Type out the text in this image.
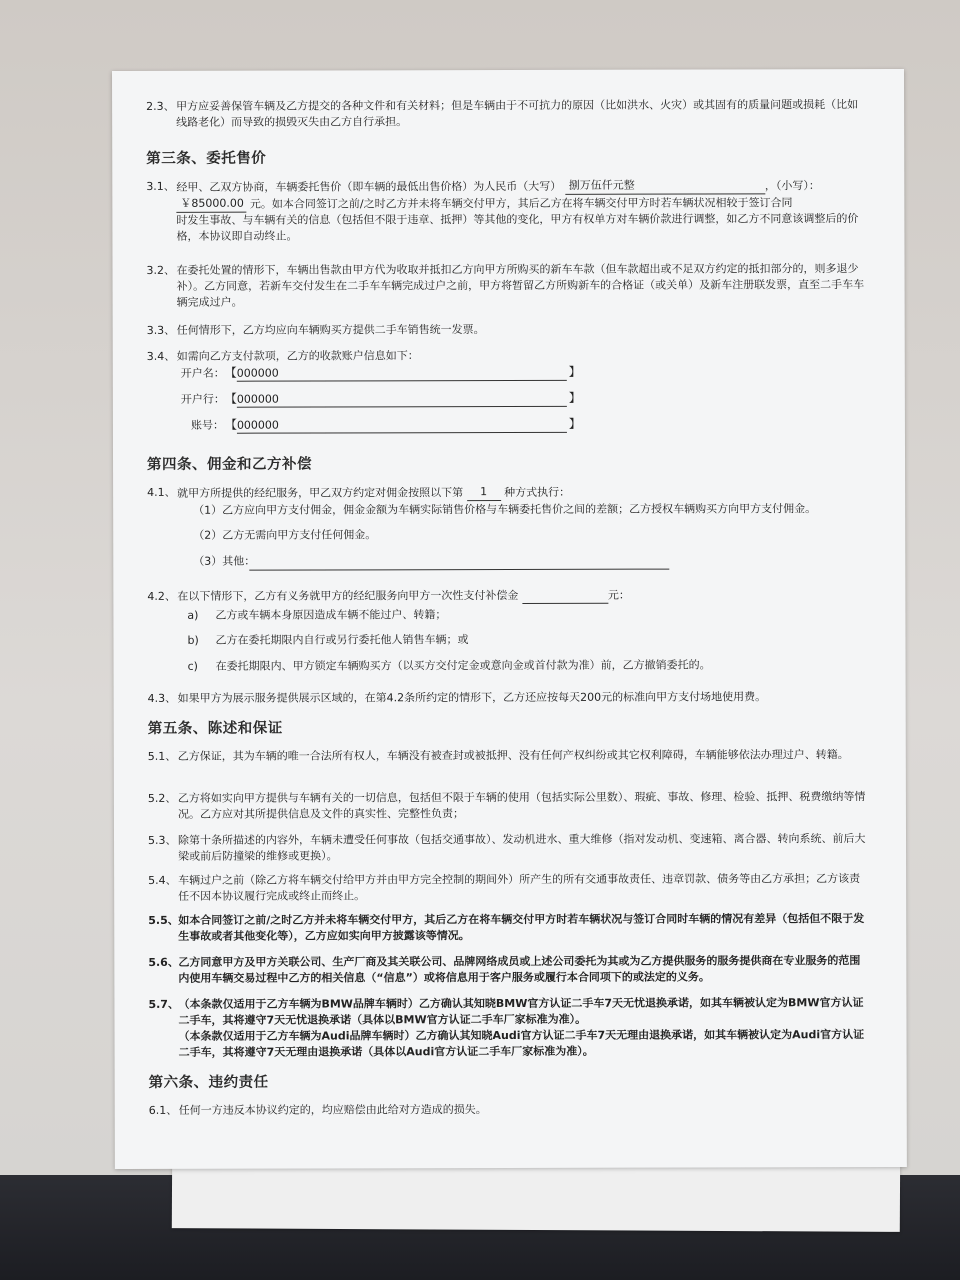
2.3、 甲方应妥善保管车辆及乙方提交的各种文件和有关材料；但是车辆由于不可抗力的原因（比如洪水、火灾）或其固有的质量问题或损耗（比如线路老化）而导致的损毁灭失由乙方自行承担。
第三条、委托售价
3.1、 经甲、乙双方协商，车辆委托售价（即车辆的最低出售价格）为人民币（大写） 捌万伍仟元整	，（小写）：
￥85000.00 元。如本合同签订之前/之时乙方并未将车辆交付甲方，其后乙方在将车辆交付甲方时若车辆状况相较于签订合同
时发生事故、与车辆有关的信息（包括但不限于违章、抵押）等其他的变化，甲方有权单方对车辆价款进行调整，如乙方不同意该调整后的价格，本协议即自动终止。
3.2、 在委托处置的情形下，车辆出售款由甲方代为收取并抵扣乙方向甲方所购买的新车车款（但车款超出或不足双方约定的抵扣部分的，则多退少补）。乙方同意，若新车交付发生在二手车车辆完成过户之前，甲方将暂留乙方所购新车的合格证（或关单）及新车注册联发票，直至二手车车辆完成过户。
3.3、 任何情形下，乙方均应向车辆购买方提供二手车销售统一发票。
3.4、 如需向乙方支付款项，乙方的收款账户信息如下：
开户名： 【 000000	】
开户行： 【 000000	】
账号： 【 000000	】
第四条、佣金和乙方补偿
4.1、 就甲方所提供的经纪服务，甲乙双方约定对佣金按照以下第 1 种方式执行：
（1）乙方应向甲方支付佣金，佣金金额为车辆实际销售价格与车辆委托售价之间的差额；乙方授权车辆购买方向甲方支付佣金。
（2）乙方无需向甲方支付任何佣金。
（3）其他：
4.2、 在以下情形下，乙方有义务就甲方的经纪服务向甲方一次性支付补偿金	元：
a) 乙方或车辆本身原因造成车辆不能过户、转籍；
b) 乙方在委托期限内自行或另行委托他人销售车辆；或
c) 在委托期限内、甲方锁定车辆购买方（以买方交付定金或意向金或首付款为准）前，乙方撤销委托的。
4.3、 如果甲方为展示服务提供展示区域的，在第4.2条所约定的情形下，乙方还应按每天200元的标准向甲方支付场地使用费。
第五条、陈述和保证
5.1、 乙方保证，其为车辆的唯一合法所有权人，车辆没有被查封或被抵押、没有任何产权纠纷或其它权利障碍，车辆能够依法办理过户、转籍。
5.2、 乙方将如实向甲方提供与车辆有关的一切信息，包括但不限于车辆的使用（包括实际公里数）、瑕疵、事故、修理、检验、抵押、税费缴纳等情况。乙方应对其所提供信息及文件的真实性、完整性负责；
5.3、 除第十条所描述的内容外，车辆未遭受任何事故（包括交通事故）、发动机进水、重大维修（指对发动机、变速箱、离合器、转向系统、前后大梁或前后防撞梁的维修或更换）。
5.4、 车辆过户之前（除乙方将车辆交付给甲方并由甲方完全控制的期间外）所产生的所有交通事故责任、违章罚款、债务等由乙方承担；乙方该责任不因本协议履行完成或终止而终止。
5.5、 如本合同签订之前/之时乙方并未将车辆交付甲方，其后乙方在将车辆交付甲方时若车辆状况与签订合同时车辆的情况有差异（包括但不限于发生事故或者其他变化等），乙方应如实向甲方披露该等情况。
5.6、 乙方同意甲方及甲方关联公司、生产厂商及其关联公司、品牌网络成员或上述公司委托为其或为乙方提供服务的服务提供商在专业服务的范围内使用车辆交易过程中乙方的相关信息（“信息”）或将信息用于客户服务或履行本合同项下的或法定的义务。
5.7、 （本条款仅适用于乙方车辆为BMW品牌车辆时）乙方确认其知晓BMW官方认证二手车7天无忧退换承诺，如其车辆被认定为BMW官方认证二手车，其将遵守7天无忧退换承诺（具体以BMW官方认证二手车厂家标准为准）。
（本条款仅适用于乙方车辆为Audi品牌车辆时）乙方确认其知晓Audi官方认证二手车7天无理由退换承诺，如其车辆被认定为Audi官方认证二手车，其将遵守7天无理由退换承诺（具体以Audi官方认证二手车厂家标准为准）。
第六条、违约责任
6.1、 任何一方违反本协议约定的，均应赔偿由此给对方造成的损失。
